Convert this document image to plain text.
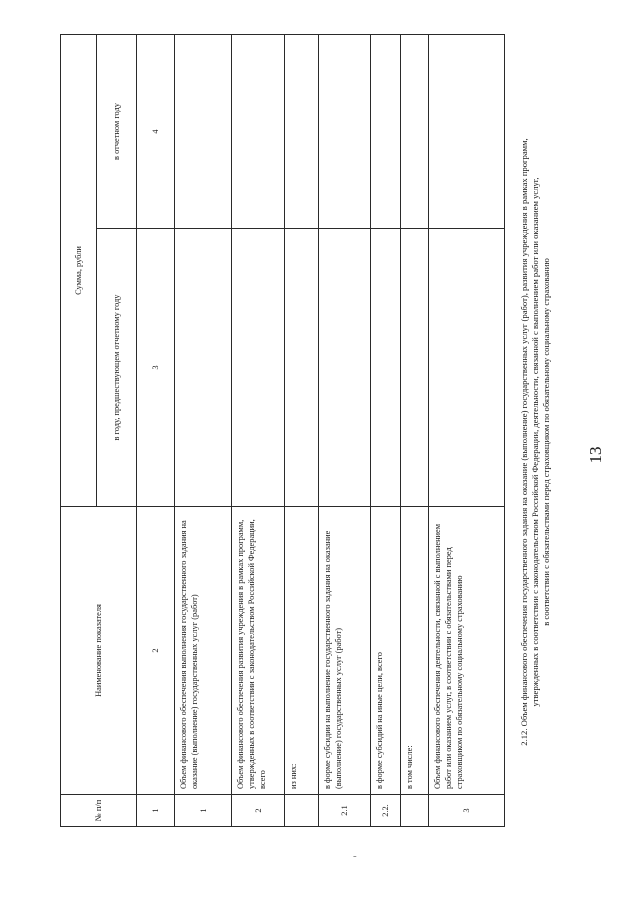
13

2.12. Объем финансового обеспечения государственного задания на оказание (выполнение) государственных услуг (работ), развития учреждения в рамках программ, утвержденных в соответствии с законодательством Российской Федерации, деятельности, связанной с выполнением работ или оказанием услуг, в соответствии с обязательствами перед страховщиком по обязательному социальному страхованию

№ п/п	Наименование показателя	Сумма, рубли	
		в году, предшествующем отчетному году	в отчетном году
1	2	3	4
1	Объем финансового обеспечения выполнения государственного задания на оказание (выполнение) государственных услуг (работ)		
2	Объем финансового обеспечения развития учреждения в рамках программ, утвержденных в соответствии с законодательством Российской Федерации, всего		
	из них:		
2.1	в форме субсидии на выполнение государственного задания на оказание (выполнение) государственных услуг (работ)		
2.2.	в форме субсидий на иные цели, всего		
	в том числе:		
3	Объем финансового обеспечения деятельности, связанной с выполнением работ или оказанием услуг, в соответствии с обязательствами перед страховщиком по обязательному социальному страхованию		
-
